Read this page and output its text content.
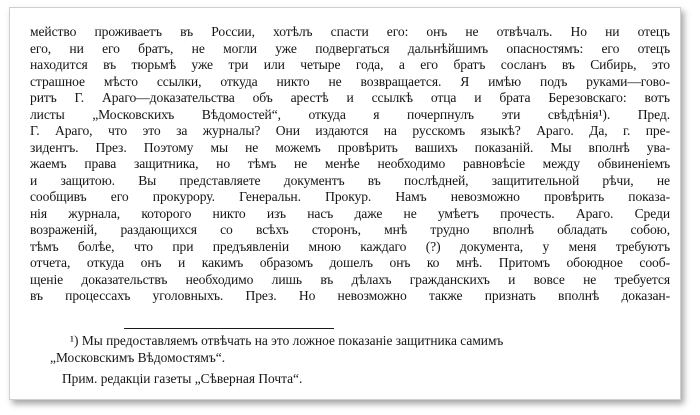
мейство проживаетъ въ России, хотѣлъ спасти его: онъ не отвѣчалъ. Но ни отецъ
его, ни его братъ, не могли уже подвергаться дальнѣйшимъ опасностямъ: его отецъ
находится въ тюрьмѣ уже три или четыре года, а его братъ сосланъ въ Сибирь, это
страшное мѣсто ссылки, откуда никто не возвращается. Я имѣю подъ руками—гово-
ритъ Г. Араго—доказательства объ арестѣ и ссылкѣ отца и брата Березовскаго: вотъ
листы „Московскихъ Вѣдомостей“, откуда я почерпнулъ эти свѣдѣнія¹). Пред.
Г. Араго, что это за журналы? Они издаются на русскомъ языкѣ? Араго. Да, г. пре-
зидентъ. През. Поэтому мы не можемъ провѣрить вашихъ показаній. Мы вполнѣ ува-
жаемъ права защитника, но тѣмъ не менѣе необходимо равновѣсіе между обвиненіемъ
и защитою. Вы представляете документъ въ послѣдней, защитительной рѣчи, не
сообщивъ его прокурору. Генеральн. Прокур. Намъ невозможно провѣрить показа-
нія журнала, которого никто изъ насъ даже не умѣетъ прочесть. Араго. Среди
возраженій, раздающихся со всѣхъ сторонъ, мнѣ трудно вполнѣ обладать собою,
тѣмъ болѣе, что при предъявленіи мною каждаго (?) документа, у меня требуютъ
отчета, откуда онъ и какимъ образомъ дошелъ онъ ко мнѣ. Притомъ обоюдное сооб-
щеніе доказательствъ необходимо лишь въ дѣлахъ гражданскихъ и вовсе не требуется
въ процессахъ уголовныхъ. През. Но невозможно также признать вполнѣ доказан-
¹) Мы предоставляемъ отвѣчать на это ложное показаніе защитника самимъ
„Московскимъ Вѣдомостямъ“.
Прим. редакціи газеты „Сѣверная Почта“.
